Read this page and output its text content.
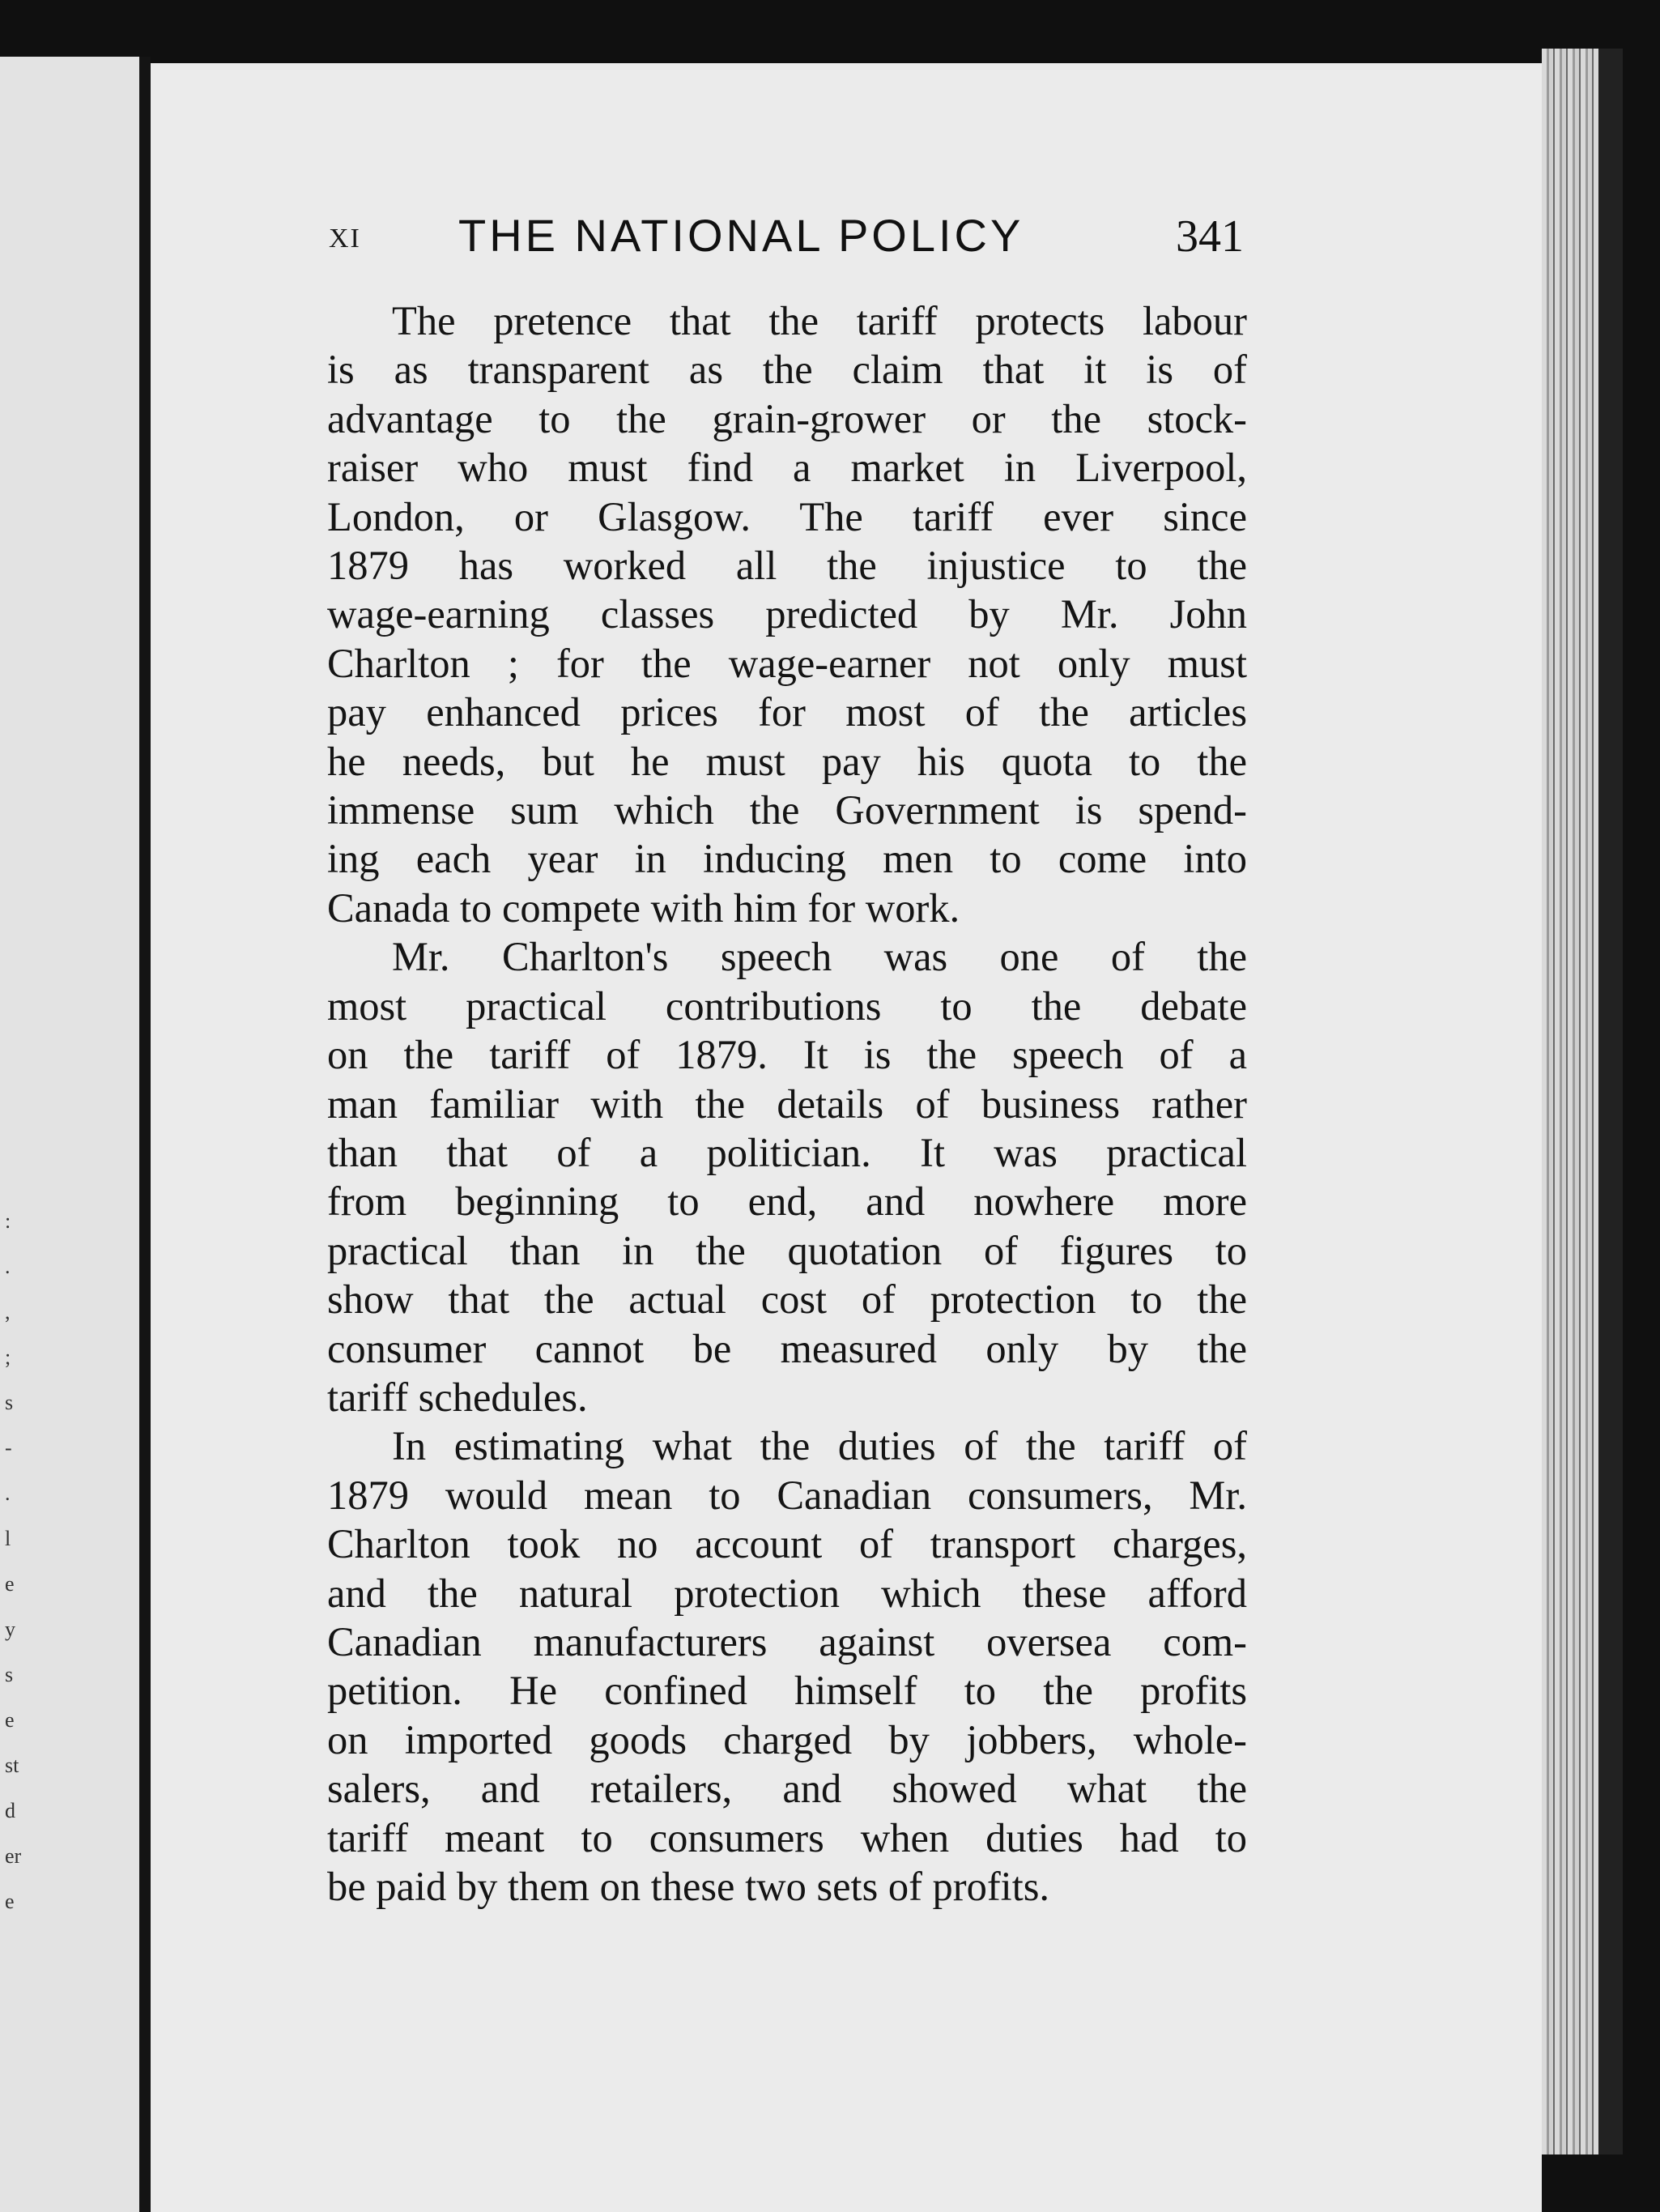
:
.
,
;
s
-
.
l
e
y
s
e
st
d
er
e
XI THE NATIONAL POLICY	341

The pretence that the tariff protects labour
is as transparent as the claim that it is of
advantage to the grain-grower or the stock-
raiser who must find a market in Liverpool,
London, or Glasgow. The tariff ever since
1879 has worked all the injustice to the
wage-earning classes predicted by Mr. John
Charlton ; for the wage-earner not only must
pay enhanced prices for most of the articles
he needs, but he must pay his quota to the
immense sum which the Government is spend-
ing each year in inducing men to come into
Canada to compete with him for work.

Mr. Charlton's speech was one of the
most practical contributions to the debate
on the tariff of 1879. It is the speech of a
man familiar with the details of business rather
than that of a politician. It was practical
from beginning to end, and nowhere more
practical than in the quotation of figures to
show that the actual cost of protection to the
consumer cannot be measured only by the
tariff schedules.

In estimating what the duties of the tariff of
1879 would mean to Canadian consumers, Mr.
Charlton took no account of transport charges,
and the natural protection which these afford
Canadian manufacturers against oversea com-
petition. He confined himself to the profits
on imported goods charged by jobbers, whole-
salers, and retailers, and showed what the
tariff meant to consumers when duties had to
be paid by them on these two sets of profits.
